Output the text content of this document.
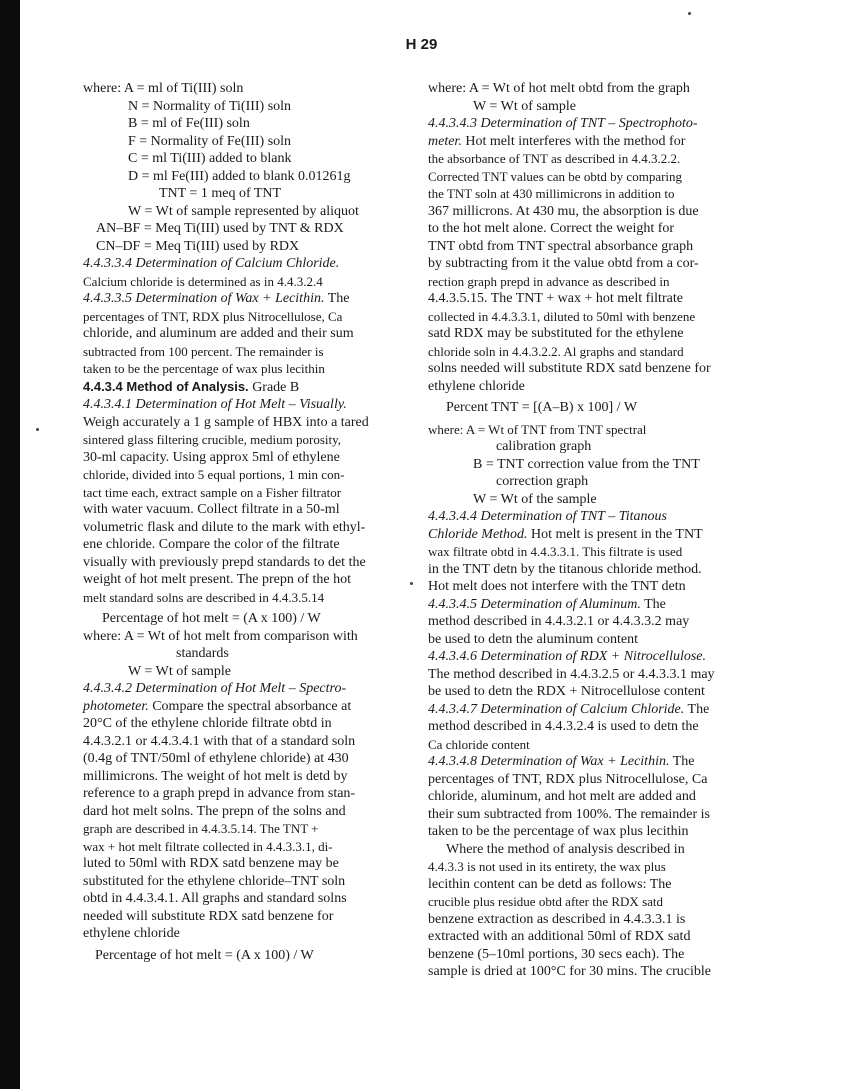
H 29
where: A = ml of Ti(III) soln
N = Normality of Ti(III) soln
B = ml of Fe(III) soln
F = Normality of Fe(III) soln
C = ml Ti(III) added to blank
D = ml Fe(III) added to blank 0.01261g
TNT = 1 meq of TNT
W = Wt of sample represented by aliquot
AN–BF = Meq Ti(III) used by TNT & RDX
CN–DF = Meq Ti(III) used by RDX
4.4.3.3.4 Determination of Calcium Chloride.
Calcium chloride is determined as in 4.4.3.2.4
4.4.3.3.5 Determination of Wax + Lecithin. The
percentages of TNT, RDX plus Nitrocellulose, Ca
chloride, and aluminum are added and their sum
subtracted from 100 percent. The remainder is
taken to be the percentage of wax plus lecithin
4.4.3.4 Method of Analysis. Grade B
4.4.3.4.1 Determination of Hot Melt – Visually.
Weigh accurately a 1 g sample of HBX into a tared
sintered glass filtering crucible, medium porosity,
30-ml capacity. Using approx 5ml of ethylene
chloride, divided into 5 equal portions, 1 min con-
tact time each, extract sample on a Fisher filtrator
with water vacuum. Collect filtrate in a 50-ml
volumetric flask and dilute to the mark with ethyl-
ene chloride. Compare the color of the filtrate
visually with previously prepd standards to det the
weight of hot melt present. The prepn of the hot
melt standard solns are described in 4.4.3.5.14
Percentage of hot melt = (A x 100) / W
where: A = Wt of hot melt from comparison with
standards
W = Wt of sample
4.4.3.4.2 Determination of Hot Melt – Spectro-
photometer. Compare the spectral absorbance at
20°C of the ethylene chloride filtrate obtd in
4.4.3.2.1 or 4.4.3.4.1 with that of a standard soln
(0.4g of TNT/50ml of ethylene chloride) at 430
millimicrons. The weight of hot melt is detd by
reference to a graph prepd in advance from stan-
dard hot melt solns. The prepn of the solns and
graph are described in 4.4.3.5.14. The TNT +
wax + hot melt filtrate collected in 4.4.3.3.1, di-
luted to 50ml with RDX satd benzene may be
substituted for the ethylene chloride–TNT soln
obtd in 4.4.3.4.1. All graphs and standard solns
needed will substitute RDX satd benzene for
ethylene chloride
Percentage of hot melt = (A x 100) / W
where: A = Wt of hot melt obtd from the graph
W = Wt of sample
4.4.3.4.3 Determination of TNT – Spectrophoto-
meter. Hot melt interferes with the method for
the absorbance of TNT as described in 4.4.3.2.2.
Corrected TNT values can be obtd by comparing
the TNT soln at 430 millimicrons in addition to
367 millicrons. At 430 mu, the absorption is due
to the hot melt alone. Correct the weight for
TNT obtd from TNT spectral absorbance graph
by subtracting from it the value obtd from a cor-
rection graph prepd in advance as described in
4.4.3.5.15. The TNT + wax + hot melt filtrate
collected in 4.4.3.3.1, diluted to 50ml with benzene
satd RDX may be substituted for the ethylene
chloride soln in 4.4.3.2.2. Al graphs and standard
solns needed will substitute RDX satd benzene for
ethylene chloride
Percent TNT = [(A–B) x 100] / W
where: A = Wt of TNT from TNT spectral
calibration graph
B = TNT correction value from the TNT
correction graph
W = Wt of the sample
4.4.3.4.4 Determination of TNT – Titanous
Chloride Method. Hot melt is present in the TNT
wax filtrate obtd in 4.4.3.3.1. This filtrate is used
in the TNT detn by the titanous chloride method.
Hot melt does not interfere with the TNT detn
4.4.3.4.5 Determination of Aluminum. The
method described in 4.4.3.2.1 or 4.4.3.3.2 may
be used to detn the aluminum content
4.4.3.4.6 Determination of RDX + Nitrocellulose.
The method described in 4.4.3.2.5 or 4.4.3.3.1 may
be used to detn the RDX + Nitrocellulose content
4.4.3.4.7 Determination of Calcium Chloride. The
method described in 4.4.3.2.4 is used to detn the
Ca chloride content
4.4.3.4.8 Determination of Wax + Lecithin. The
percentages of TNT, RDX plus Nitrocellulose, Ca
chloride, aluminum, and hot melt are added and
their sum subtracted from 100%. The remainder is
taken to be the percentage of wax plus lecithin
Where the method of analysis described in
4.4.3.3 is not used in its entirety, the wax plus
lecithin content can be detd as follows: The
crucible plus residue obtd after the RDX satd
benzene extraction as described in 4.4.3.3.1 is
extracted with an additional 50ml of RDX satd
benzene (5–10ml portions, 30 secs each). The
sample is dried at 100°C for 30 mins. The crucible
